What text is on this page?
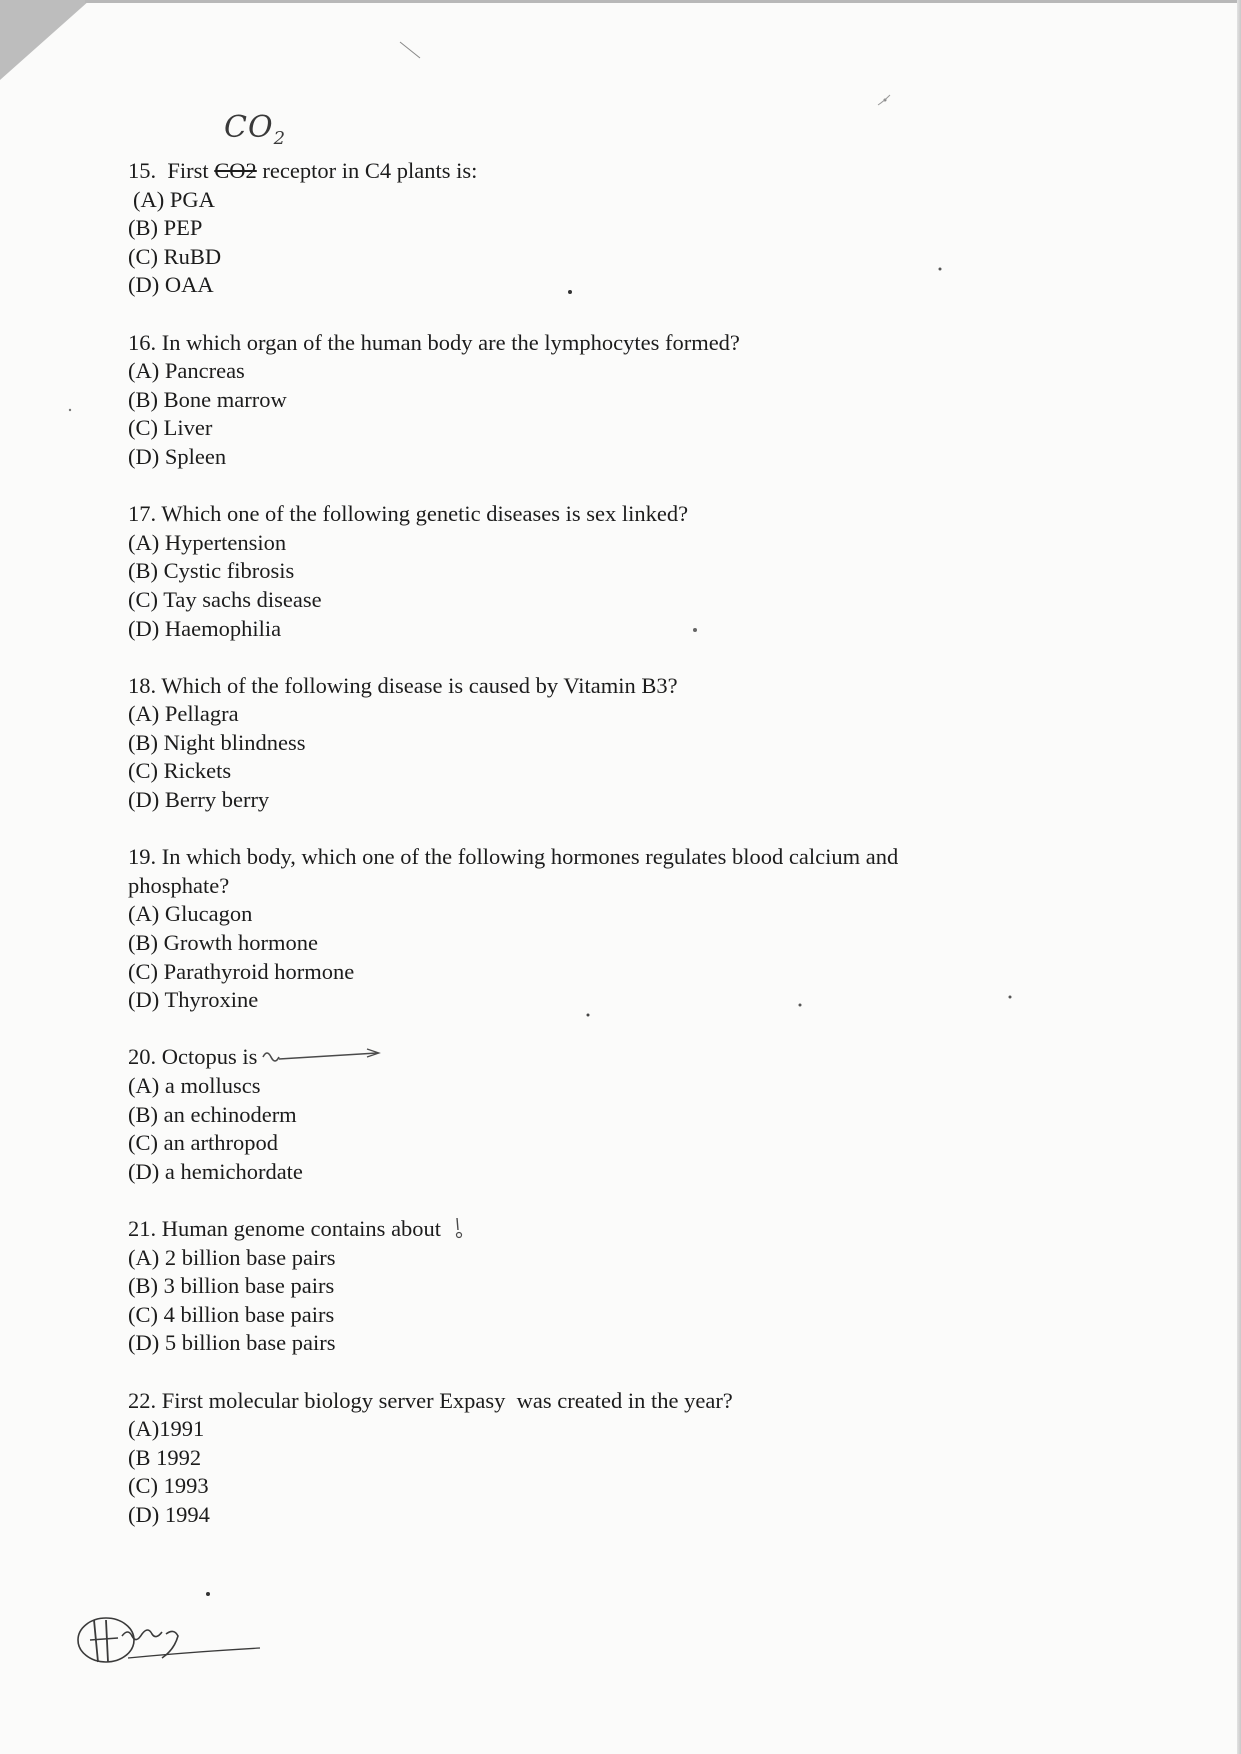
$CO_2$
15.  First CO2 receptor in C4 plants is:
(A) PGA
(B) PEP
(C) RuBD
(D) OAA
16. In which organ of the human body are the lymphocytes formed?
(A) Pancreas
(B) Bone marrow
(C) Liver
(D) Spleen
17. Which one of the following genetic diseases is sex linked?
(A) Hypertension
(B) Cystic fibrosis
(C) Tay sachs disease
(D) Haemophilia
18. Which of the following disease is caused by Vitamin B3?
(A) Pellagra
(B) Night blindness
(C) Rickets
(D) Berry berry
19. In which body, which one of the following hormones regulates blood calcium and
phosphate?
(A) Glucagon
(B) Growth hormone
(C) Parathyroid hormone
(D) Thyroxine
20. Octopus is
(A) a molluscs
(B) an echinoderm
(C) an arthropod
(D) a hemichordate
21. Human genome contains about
(A) 2 billion base pairs
(B) 3 billion base pairs
(C) 4 billion base pairs
(D) 5 billion base pairs
22. First molecular biology server Expasy  was created in the year?
(A)1991
(B 1992
(C) 1993
(D) 1994
